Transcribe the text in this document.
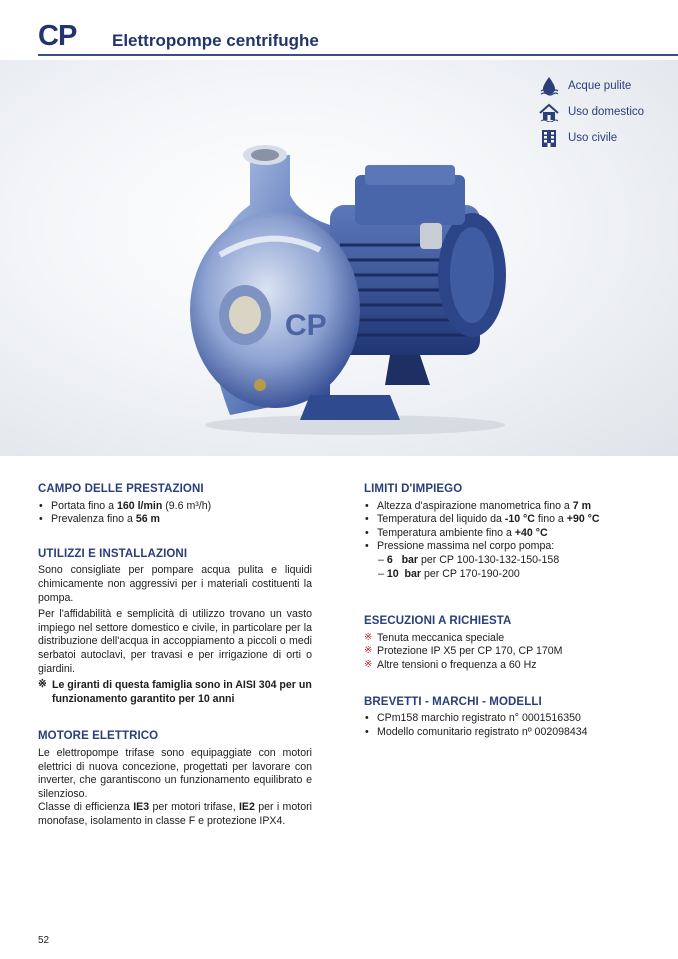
CP Elettropompe centrifughe
Acque pulite
Uso domestico
Uso civile
CP
CAMPO DELLE PRESTAZIONI
• Portata fino a 160 l/min (9.6 m³/h)
• Prevalenza fino a 56 m
UTILIZZI E INSTALLAZIONI

Sono consigliate per pompare acqua pulita e liquidi chimicamente non aggressivi per i materiali costituenti la pompa.

Per l'affidabilità e semplicità di utilizzo trovano un vasto impiego nel settore domestico e civile, in particolare per la distribuzione dell'acqua in accoppiamento a piccoli o medi serbatoi autoclavi, per travasi e per irrigazione di orti o giardini.

※ Le giranti di questa famiglia sono in AISI 304 per un funzionamento garantito per 10 anni
MOTORE ELETTRICO

Le elettropompe trifase sono equipaggiate con motori elettrici di nuova concezione, progettati per lavorare con inverter, che garantiscono un funzionamento equilibrato e silenzioso.

Classe di efficienza IE3 per motori trifase, IE2 per i motori monofase, isolamento in classe F e protezione IPX4.

LIMITI D'IMPIEGO
• Altezza d'aspirazione manometrica fino a 7 m
• Temperatura del liquido da -10 °C fino a +90 °C
• Temperatura ambiente fino a +40 °C
• Pressione massima nel corpo pompa:
– 6   bar per CP 100-130-132-150-158
– 10  bar per CP 170-190-200
ESECUZIONI A RICHIESTA
※ Tenuta meccanica speciale
※ Protezione IP X5 per CP 170, CP 170M
※ Altre tensioni o frequenza a 60 Hz
BREVETTI - MARCHI - MODELLI
• CPm158 marchio registrato n° 0001516350
• Modello comunitario registrato nº 002098434
52
